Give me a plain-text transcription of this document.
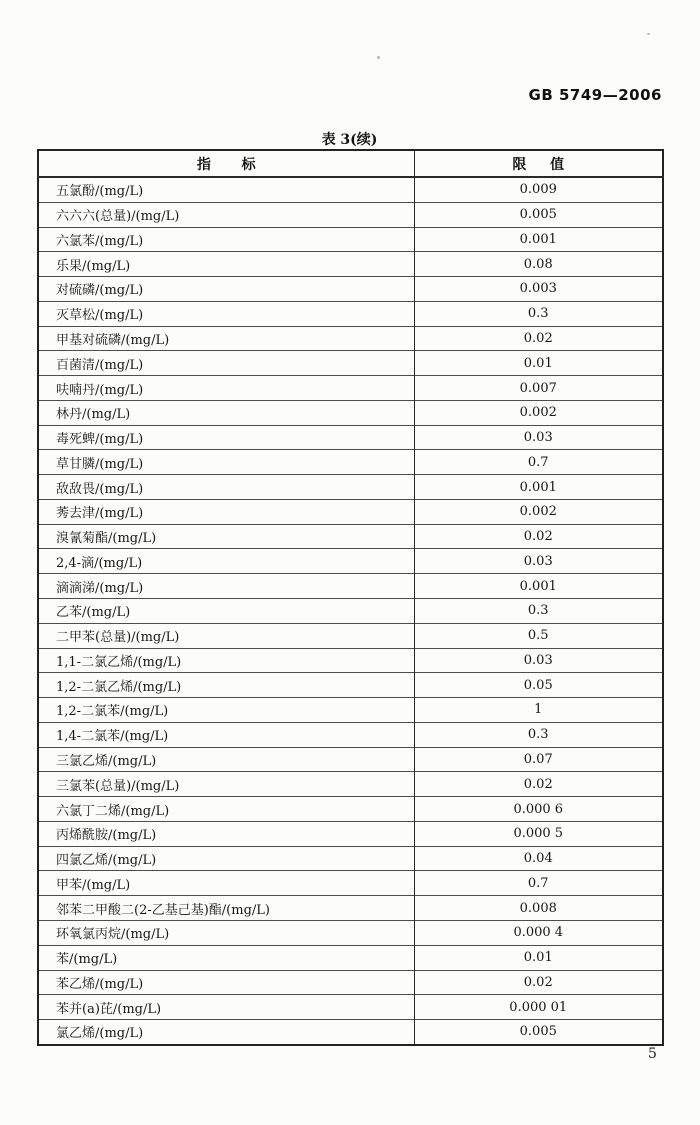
GB 5749—2006
表 3(续)
指标	限值
五氯酚/(mg/L)	0.009
六六六(总量)/(mg/L)	0.005
六氯苯/(mg/L)	0.001
乐果/(mg/L)	0.08
对硫磷/(mg/L)	0.003
灭草松/(mg/L)	0.3
甲基对硫磷/(mg/L)	0.02
百菌清/(mg/L)	0.01
呋喃丹/(mg/L)	0.007
林丹/(mg/L)	0.002
毒死蜱/(mg/L)	0.03
草甘膦/(mg/L)	0.7
敌敌畏/(mg/L)	0.001
莠去津/(mg/L)	0.002
溴氰菊酯/(mg/L)	0.02
2,4-滴/(mg/L)	0.03
滴滴涕/(mg/L)	0.001
乙苯/(mg/L)	0.3
二甲苯(总量)/(mg/L)	0.5
1,1-二氯乙烯/(mg/L)	0.03
1,2-二氯乙烯/(mg/L)	0.05
1,2-二氯苯/(mg/L)	1
1,4-二氯苯/(mg/L)	0.3
三氯乙烯/(mg/L)	0.07
三氯苯(总量)/(mg/L)	0.02
六氯丁二烯/(mg/L)	0.000 6
丙烯酰胺/(mg/L)	0.000 5
四氯乙烯/(mg/L)	0.04
甲苯/(mg/L)	0.7
邻苯二甲酸二(2-乙基己基)酯/(mg/L)	0.008
环氧氯丙烷/(mg/L)	0.000 4
苯/(mg/L)	0.01
苯乙烯/(mg/L)	0.02
苯并(a)芘/(mg/L)	0.000 01
氯乙烯/(mg/L)	0.005
5
